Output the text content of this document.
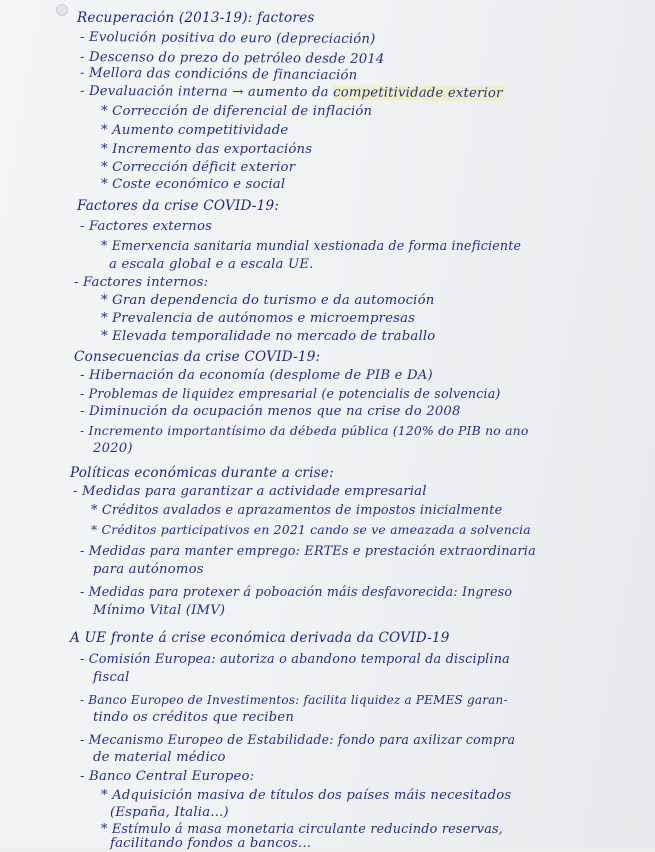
Recuperación (2013-19): factores
- Evolución positiva do euro (depreciación)
- Descenso do prezo do petróleo desde 2014
- Mellora das condicións de financiación
- Devaluación interna → aumento da competitividade exterior
* Corrección de diferencial de inflación
* Aumento competitividade
* Incremento das exportacións
* Corrección déficit exterior
* Coste económico e social
Factores da crise COVID-19:
- Factores externos
* Emerxencia sanitaria mundial xestionada de forma ineficiente
a escala global e a escala UE.
- Factores internos:
* Gran dependencia do turismo e da automoción
* Prevalencia de autónomos e microempresas
* Elevada temporalidade no mercado de traballo
Consecuencias da crise COVID-19:
- Hibernación da economía (desplome de PIB e DA)
- Problemas de liquidez empresarial (e potencialis de solvencia)
- Diminución da ocupación menos que na crise do 2008
- Incremento importantísimo da débeda pública (120% do PIB no ano
2020)
Políticas económicas durante a crise:
- Medidas para garantizar a actividade empresarial
* Créditos avalados e aprazamentos de impostos inicialmente
* Créditos participativos en 2021 cando se ve ameazada a solvencia
- Medidas para manter emprego: ERTEs e prestación extraordinaria
para autónomos
- Medidas para protexer á poboación máis desfavorecida: Ingreso
Mínimo Vital (IMV)
A UE fronte á crise económica derivada da COVID-19
- Comisión Europea: autoriza o abandono temporal da disciplina
fiscal
- Banco Europeo de Investimentos: facilita liquidez a PEMES garan-
tindo os créditos que reciben
- Mecanismo Europeo de Estabilidade: fondo para axilizar compra
de material médico
- Banco Central Europeo:
* Adquisición masiva de títulos dos países máis necesitados
(España, Italia...)
* Estímulo á masa monetaria circulante reducindo reservas,
facilitando fondos a bancos...
